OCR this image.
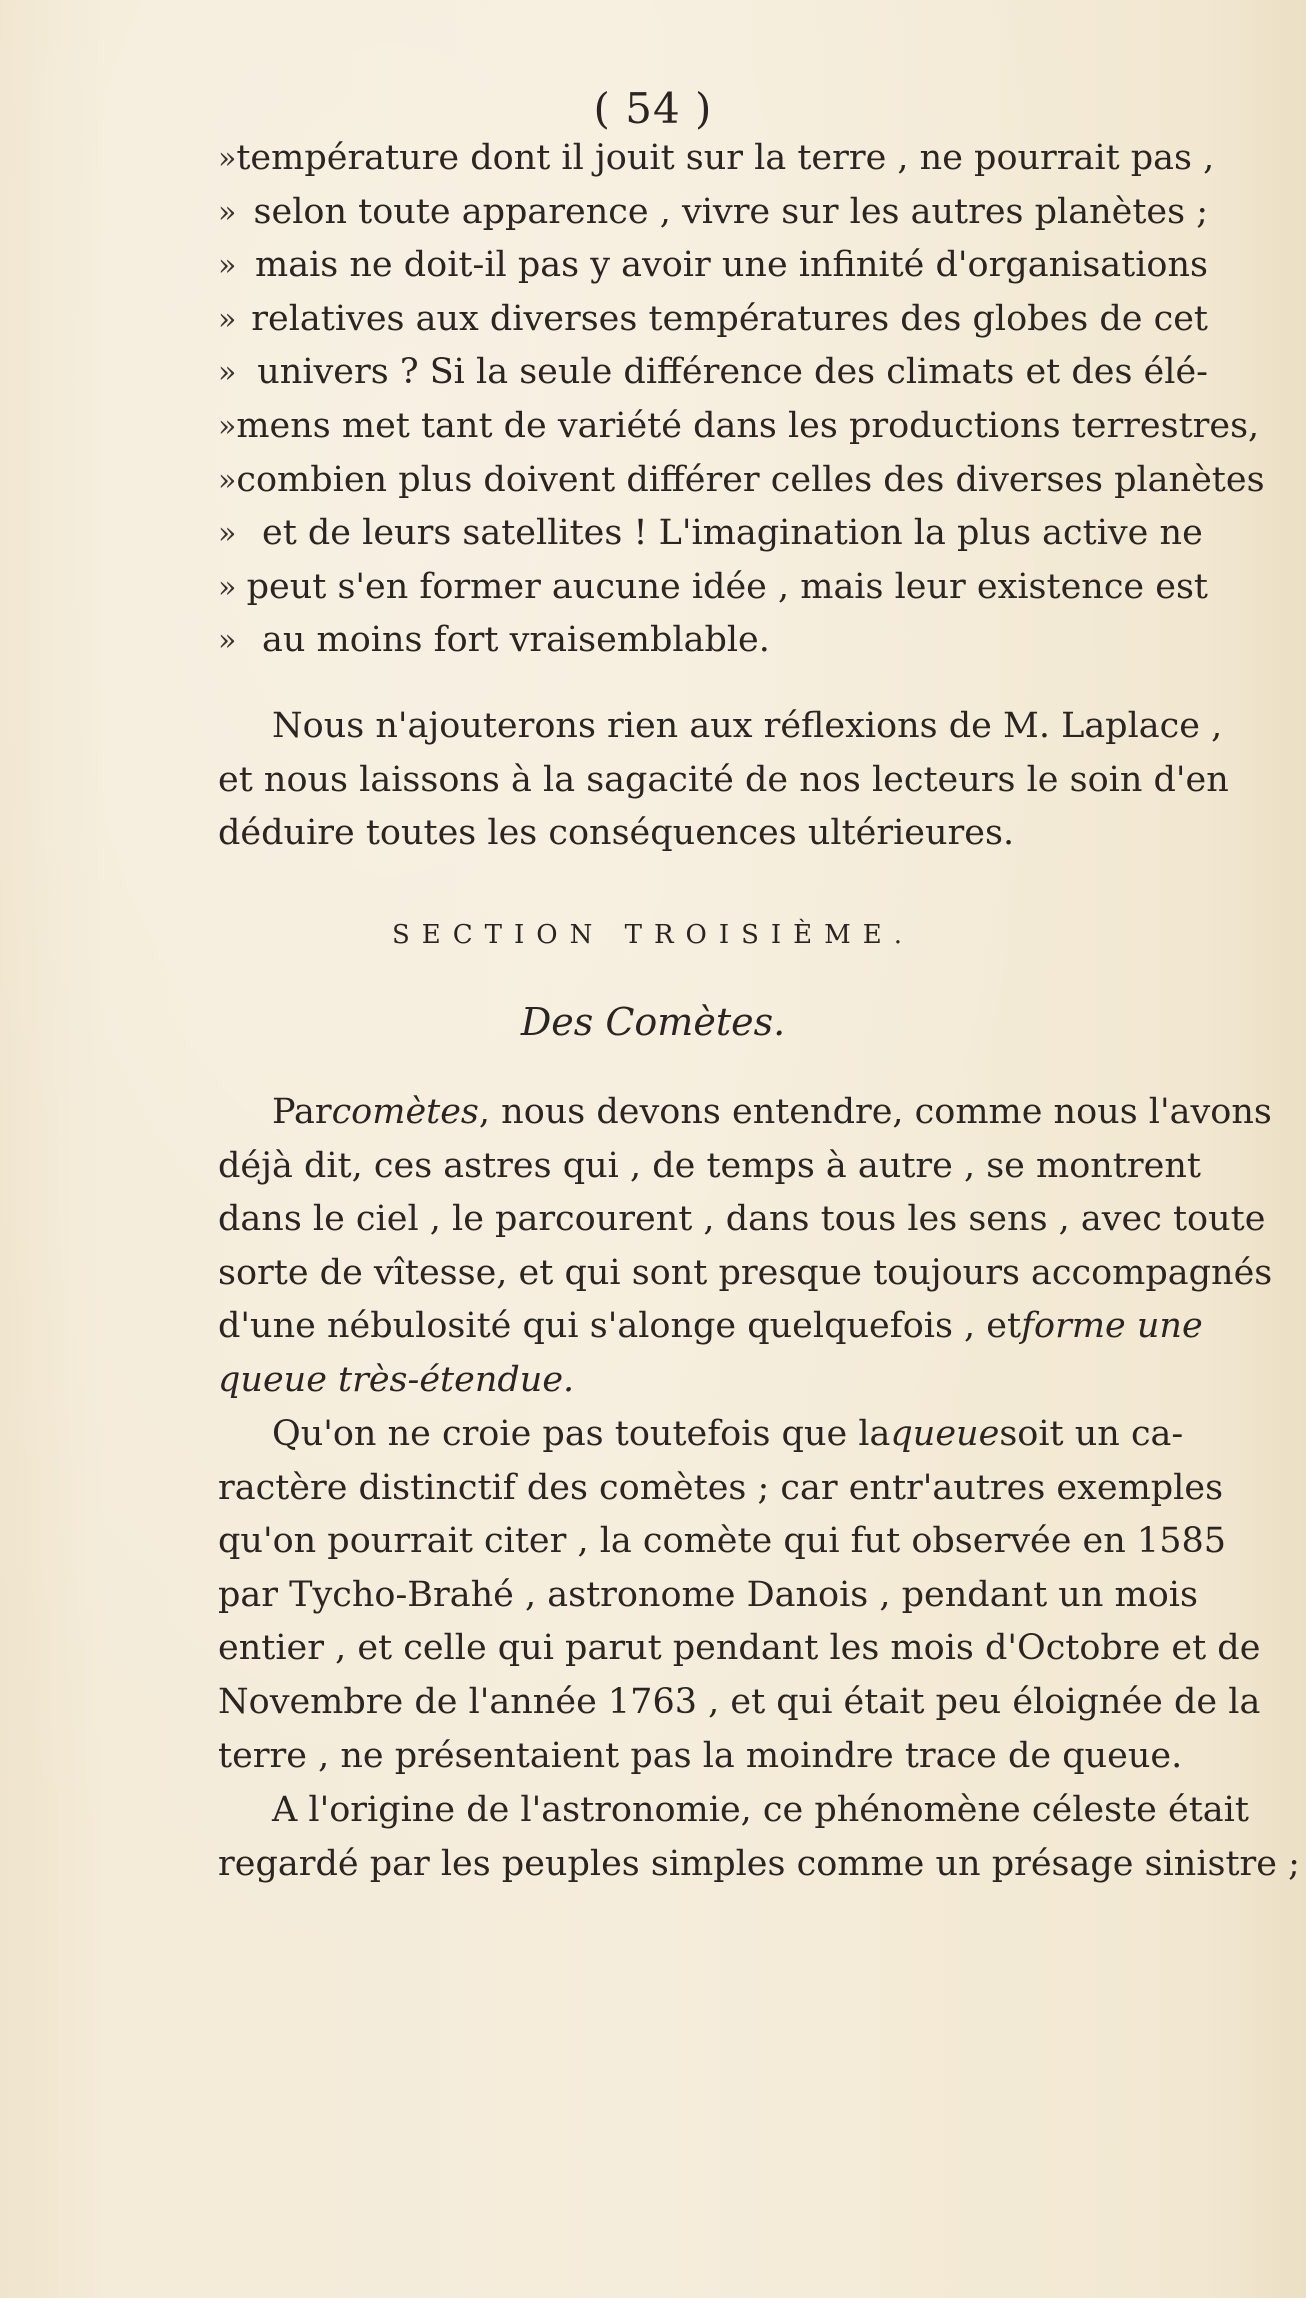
( 54 )
» température dont il jouit sur la terre , ne pourrait pas ,
» selon toute apparence , vivre sur les autres planètes ;
» mais ne doit-il pas y avoir une infinité d'organisations
» relatives aux diverses températures des globes de cet
» univers ? Si la seule différence des climats et des élé-
» mens met tant de variété dans les productions terrestres,
» combien plus doivent différer celles des diverses planètes
» et de leurs satellites ! L'imagination la plus active ne
» peut s'en former aucune idée , mais leur existence est
» au moins fort vraisemblable.
Nous n'ajouterons rien aux réflexions de M. Laplace ,
et nous laissons à la sagacité de nos lecteurs le soin d'en
déduire toutes les conséquences ultérieures.
SECTION TROISIÈME.
Des Comètes.
Par comètes , nous devons entendre, comme nous l'avons
déjà dit, ces astres qui , de temps à autre , se montrent
dans le ciel , le parcourent , dans tous les sens , avec toute
sorte de vîtesse, et qui sont presque toujours accompagnés
d'une nébulosité qui s'alonge quelquefois , et forme une
queue très-étendue.
Qu'on ne croie pas toutefois que la queue soit un ca-
ractère distinctif des comètes ; car entr'autres exemples
qu'on pourrait citer , la comète qui fut observée en 1585
par Tycho-Brahé , astronome Danois , pendant un mois
entier , et celle qui parut pendant les mois d'Octobre et de
Novembre de l'année 1763 , et qui était peu éloignée de la
terre , ne présentaient pas la moindre trace de queue.
A l'origine de l'astronomie, ce phénomène céleste était
regardé par les peuples simples comme un présage sinistre ;
